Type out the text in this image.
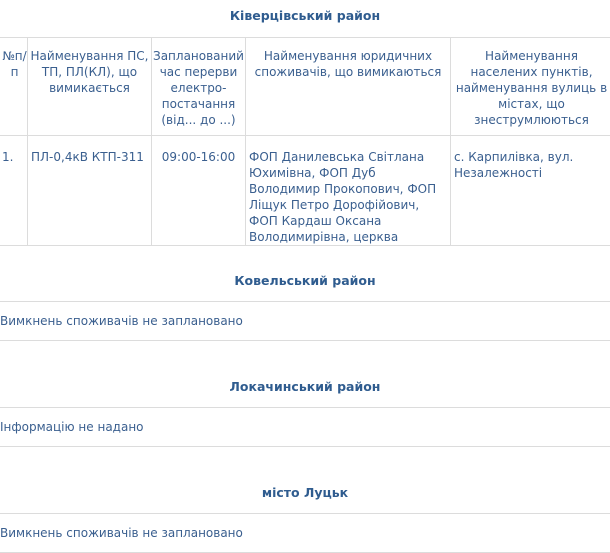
Ківерцівський район
№п/п	Найменування ПС, ТП, ПЛ(КЛ), що вимикається	Запланований час перерви електро-постачання (від... до ...)	Найменування юридичних споживачів, що вимикаються	Найменування населених пунктів, найменування вулиць в містах, що знеструмлюються
1.	ПЛ-0,4кВ КТП-311	09:00-16:00	ФОП Данилевська Світлана Юхимівна, ФОП Дуб Володимир Прокопович, ФОП Ліщук Петро Дорофійович, ФОП Кардаш Оксана Володимирівна, церква	с. Карпилівка, вул. Незалежності
Ковельський район
Вимкнень споживачів не заплановано
Локачинський район
Інформацію не надано
місто Луцьк
Вимкнень споживачів не заплановано
